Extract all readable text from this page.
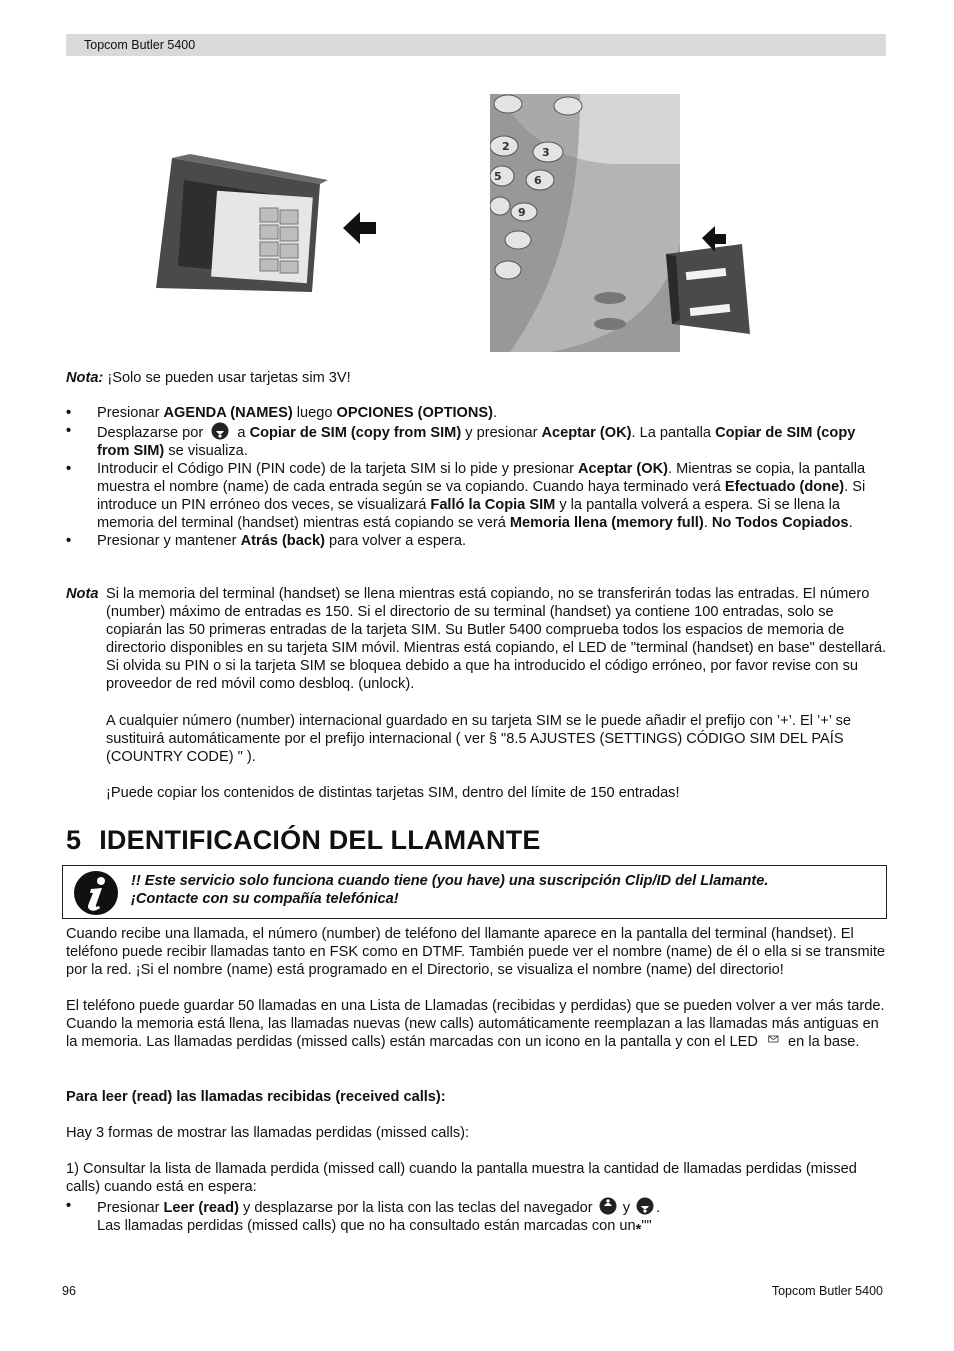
Topcom Butler 5400
2	3
5	6
9
Nota: ¡Solo se pueden usar tarjetas sim 3V!
• Presionar AGENDA (NAMES) luego OPCIONES (OPTIONS).
• Desplazarse por  a Copiar de SIM (copy from SIM) y presionar Aceptar (OK). La pantalla Copiar de SIM (copy from SIM) se visualiza.
• Introducir el Código PIN (PIN code) de la tarjeta SIM si lo pide y presionar Aceptar (OK). Mientras se copia, la pantalla muestra el nombre (name) de cada entrada según se va copiando. Cuando haya terminado verá Efectuado (done). Si introduce un PIN erróneo dos veces, se visualizará Falló la Copia SIM y la pantalla volverá a espera. Si se llena la memoria del terminal (handset) mientras está copiando se verá Memoria llena (memory full). No Todos Copiados.
• Presionar y mantener Atrás (back) para volver a espera.
Nota Si la memoria del terminal (handset) se llena mientras está copiando, no se transferirán todas las entradas. El número (number) máximo de entradas es 150. Si el directorio de su terminal (handset) ya contiene 100 entradas, solo se copiarán las 50 primeras entradas de la tarjeta SIM. Su Butler 5400 comprueba todos los espacios de memoria de directorio disponibles en su tarjeta SIM móvil. Mientras está copiando, el LED de "terminal (handset) en base" destellará. Si olvida su PIN o si la tarjeta SIM se bloquea debido a que ha introducido el código erróneo, por favor revise con su proveedor de red móvil como desbloq. (unlock).
A cualquier número (number) internacional guardado en su tarjeta SIM se le puede añadir el prefijo con ’+’. El ’+’ se sustituirá automáticamente por el prefijo internacional ( ver § "8.5 AJUSTES (SETTINGS) CÓDIGO SIM DEL PAÍS (COUNTRY CODE) " ).
¡Puede copiar los contenidos de distintas tarjetas SIM, dentro del límite de 150 entradas!
5 IDENTIFICACIÓN DEL LLAMANTE
!! Este servicio solo funciona cuando tiene (you have) una suscripción Clip/ID del Llamante.
¡Contacte con su compañía telefónica!
Cuando recibe una llamada, el número (number) de teléfono del llamante aparece en la pantalla del terminal (handset). El teléfono puede recibir llamadas tanto en FSK como en DTMF. También puede ver el nombre (name) de él o ella si se transmite por la red. ¡Si el nombre (name) está programado en el Directorio, se visualiza el nombre (name) del directorio!
El teléfono puede guardar 50 llamadas en una Lista de Llamadas (recibidas y perdidas) que se pueden volver a ver más tarde. Cuando la memoria está llena, las llamadas nuevas (new calls) automáticamente reemplazan a las llamadas más antiguas en la memoria. Las llamadas perdidas (missed calls) están marcadas con un icono en la pantalla y con el LED  en la base.
Para leer (read) las llamadas recibidas (received calls):
Hay 3 formas de mostrar las llamadas perdidas (missed calls):
1) Consultar la lista de llamada perdida (missed call) cuando la pantalla muestra la cantidad de llamadas perdidas (missed calls) cuando está en espera:
• Presionar Leer (read) y desplazarse por la lista con las teclas del navegador  y .
Las llamadas perdidas (missed calls) que no ha consultado están marcadas con un*""
96	Topcom Butler 5400
